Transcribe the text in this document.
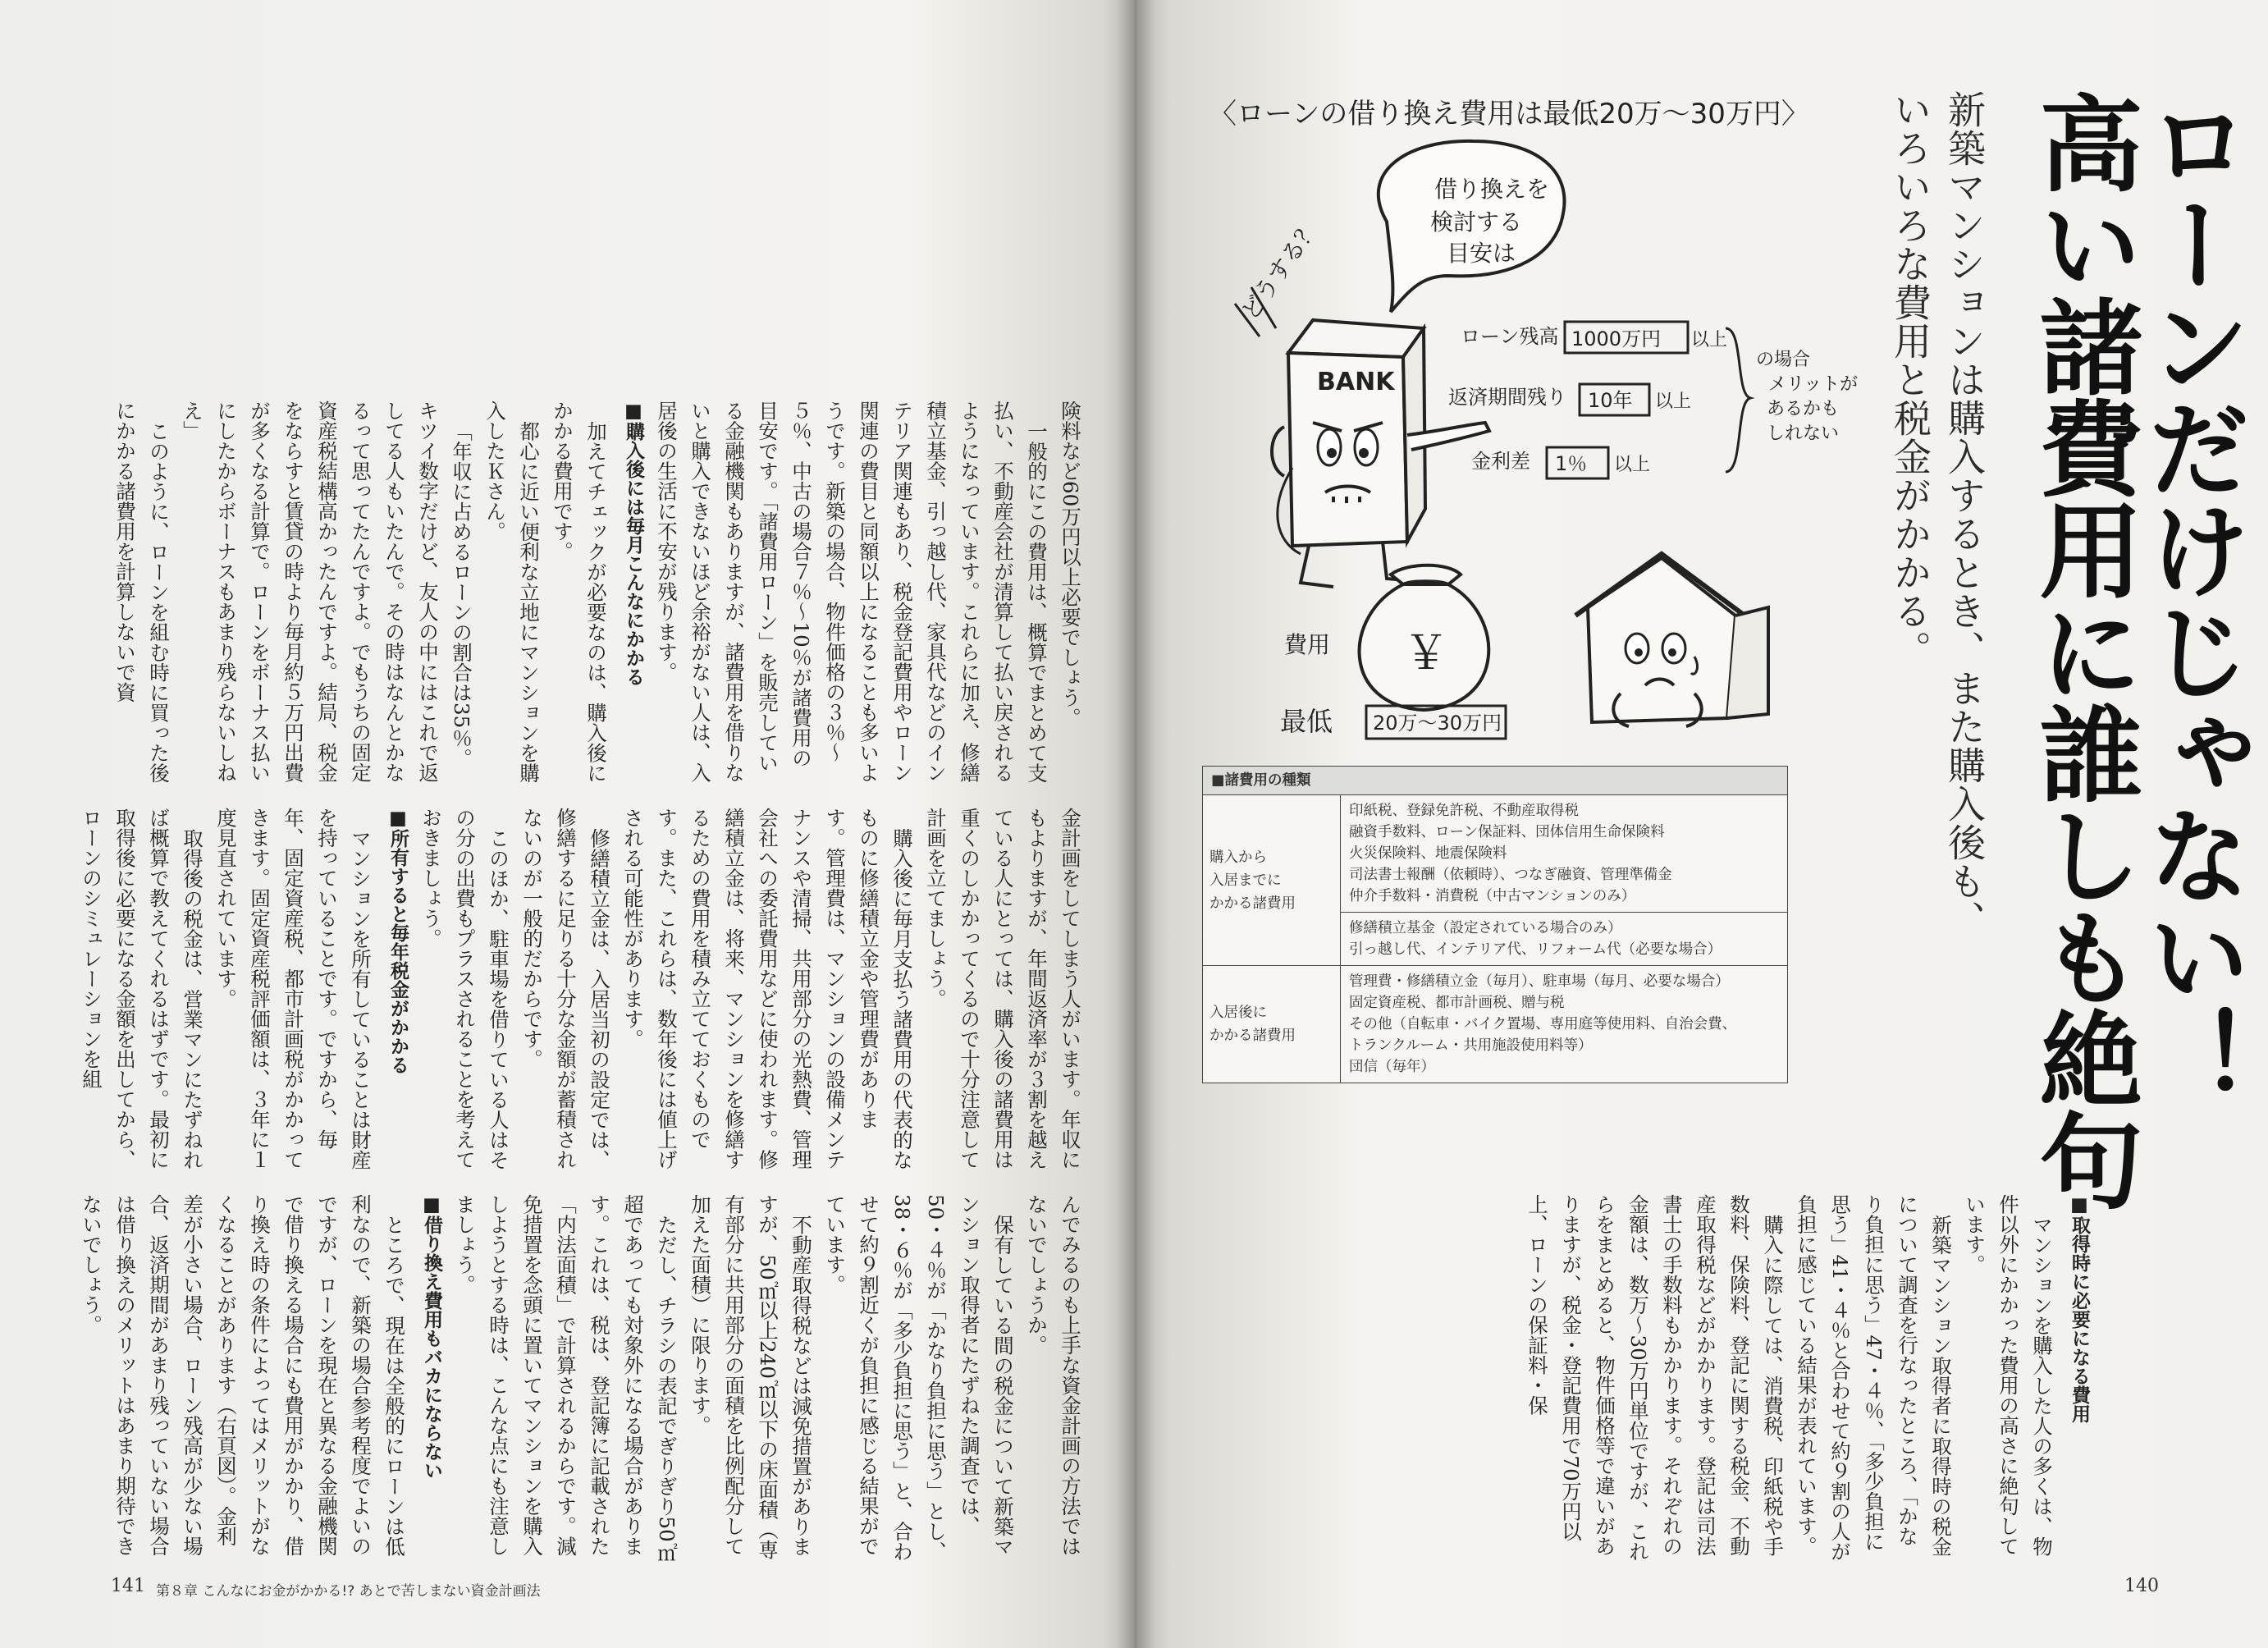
険料など60万円以上必要でしょう。

一般的にこの費用は、概算でまとめて支払い、不動産会社が清算して払い戻されるようになっています。これらに加え、修繕積立基金、引っ越し代、家具代などのインテリア関連もあり、税金登記費用やローン関連の費目と同額以上になることも多いようです。新築の場合、物件価格の３％〜５％、中古の場合７％〜10％が諸費用の目安です。「諸費用ローン」を販売している金融機関もありますが、諸費用を借りないと購入できないほど余裕がない人は、入居後の生活に不安が残ります。

■購入後には毎月こんなにかかる

加えてチェックが必要なのは、購入後にかかる費用です。

都心に近い便利な立地にマンションを購入したＫさん。

「年収に占めるローンの割合は35％。キツイ数字だけど、友人の中にはこれで返してる人もいたんで。その時はなんとかなるって思ってたんですよ。でもうちの固定資産税結構高かったんですよ。結局、税金をならすと賃貸の時より毎月約５万円出費が多くなる計算で。ローンをボーナス払いにしたからボーナスもあまり残らないしねえ」

このように、ローンを組む時に買った後にかかる諸費用を計算しないで資

金計画をしてしまう人がいます。年収にもよりますが、年間返済率が３割を越えている人にとっては、購入後の諸費用は重くのしかかってくるので十分注意して計画を立てましょう。

購入後に毎月支払う諸費用の代表的なものに修繕積立金や管理費がありま す。管理費は、マンションの設備メンテナンスや清掃、共用部分の光熱費、管理会社への委託費用などに使われます。修繕積立金は、将来、マンションを修繕するための費用を積み立てておくものです。また、これらは、数年後には値上げされる可能性があります。

修繕積立金は、入居当初の設定では、修繕するに足りる十分な金額が蓄積されないのが一般的だからです。

このほか、駐車場を借りている人はその分の出費もプラスされることを考えておきましょう。

■所有すると毎年税金がかかる

マンションを所有していることは財産を持っていることです。ですから、毎年、固定資産税、都市計画税がかかってきます。固定資産税評価額は、３年に１度見直されています。

取得後の税金は、営業マンにたずねれば概算で教えてくれるはずです。最初に取得後に必要になる金額を出してから、ローンのシミュレーションを組

んでみるのも上手な資金計画の方法ではないでしょうか。

保有している間の税金について新築マンション取得者にたずねた調査では、50・４％が「かなり負担に思う」とし、38・６％が「多少負担に思う」と、合わせて約９割近くが負担に感じる結果がでています。

不動産取得税などは減免措置がありますが、50㎡以上240㎡以下の床面積（専有部分に共用部分の面積を比例配分して加えた面積）に限ります。

ただし、チラシの表記でぎりぎり50㎡超であっても対象外になる場合があります。これは、税は、登記簿に記載された「内法面積」で計算されるからです。減免措置を念頭に置いてマンションを購入しようとする時は、こんな点にも注意しましょう。

■借り換え費用もバカにならない

ところで、現在は全般的にローンは低利なので、新築の場合参考程度でよいのですが、ローンを現在と異なる金融機関で借り換える場合にも費用がかかり、借り換え時の条件によってはメリットがなくなることがあります（右頁図）。金利差が小さい場合、ローン残高が少ない場合、返済期間があまり残っていない場合は借り換えのメリットはあまり期待できないでしょう。

141 第８章 こんなにお金がかかる!? あとで苦しまない資金計画法
ローンだけじゃない！
高い諸費用に誰しも絶句
新築マンションは購入するとき、また購入後も、
いろいろな費用と税金がかかる。
■取得時に必要になる費用

マンションを購入した人の多くは、物件以外にかかった費用の高さに絶句しています。

新築マンション取得者に取得時の税金について調査を行なったところ、「かなり負担に思う」47・４％、「多少負担に思う」41・４％と合わせて約９割の人が負担に感じている結果が表れています。

購入に際しては、消費税、印紙税や手数料、保険料、登記に関する税金、不動産取得税などがかかります。登記は司法書士の手数料もかかります。それぞれの金額は、数万〜30万円単位ですが、これらをまとめると、物件価格等で違いがありますが、税金・登記費用で70万円以上、ローンの保証料・保

140
〈ローンの借り換え費用は最低20万〜30万円〉
どうする？
借り換えを
検討する
目安は
BANK
ローン残高 1000万円 以上
返済期間残り 10年 以上
金利差 1％ 以上
の場合
メリットが
あるかも
しれない
￥
費用
最低 20万〜30万円
■諸費用の種類
購入から
入居までに
かかる諸費用
印紙税、登録免許税、不動産取得税
融資手数料、ローン保証料、団体信用生命保険料
火災保険料、地震保険料
司法書士報酬（依頼時）、つなぎ融資、管理準備金
仲介手数料・消費税（中古マンションのみ）
修繕積立基金（設定されている場合のみ）
引っ越し代、インテリア代、リフォーム代（必要な場合）
入居後に
かかる諸費用
管理費・修繕積立金（毎月）、駐車場（毎月、必要な場合）
固定資産税、都市計画税、贈与税
その他（自転車・バイク置場、専用庭等使用料、自治会費、
トランクルーム・共用施設使用料等）
団信（毎年）
